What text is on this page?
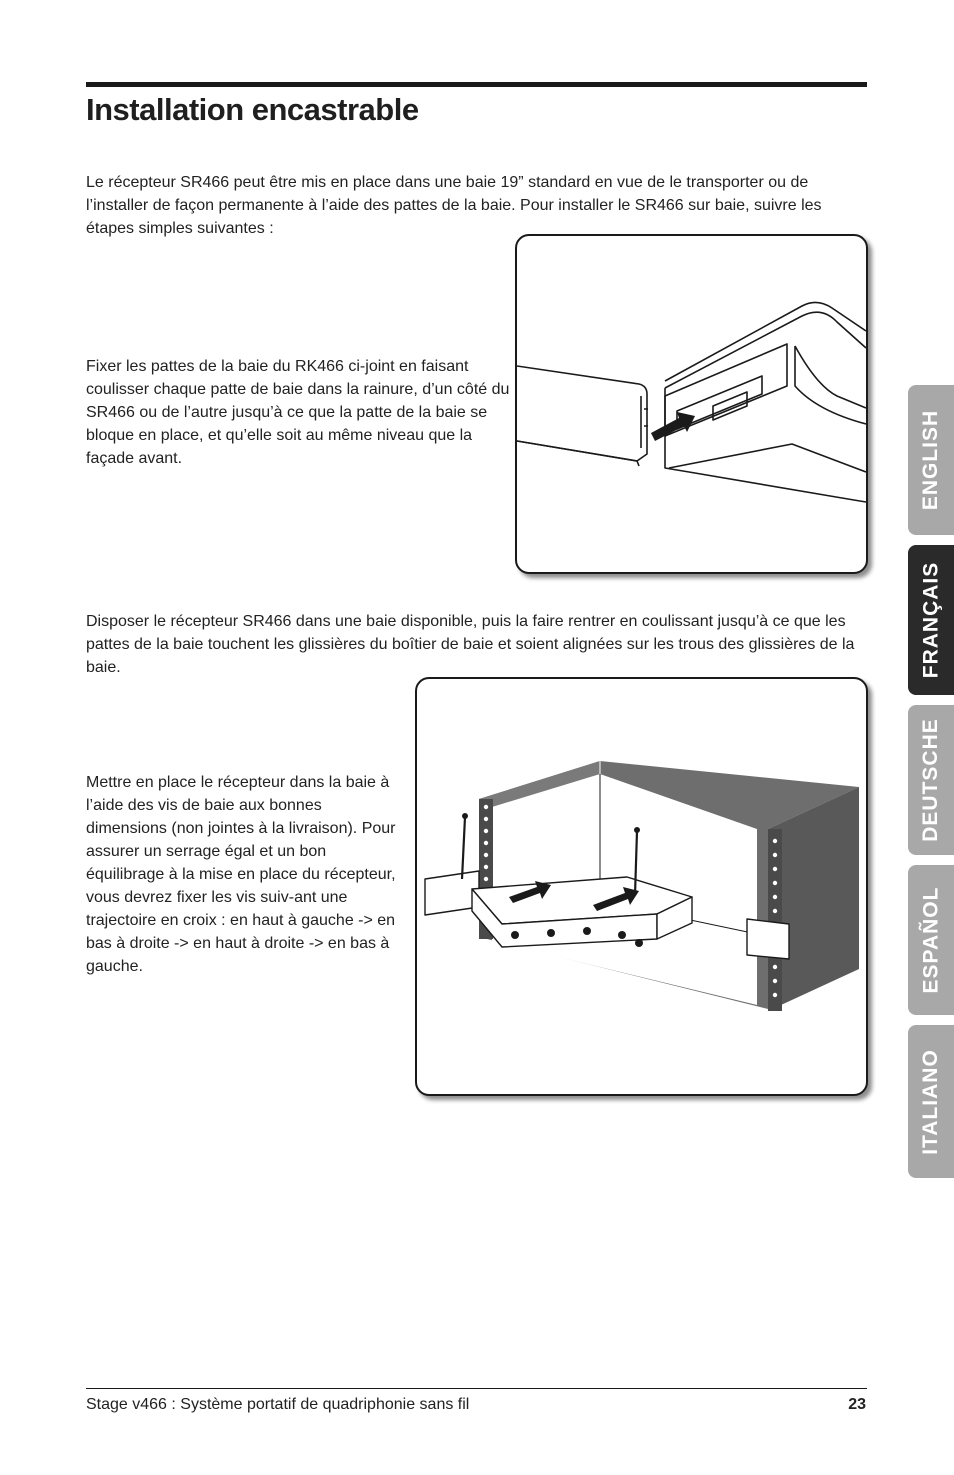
Installation encastrable

Le récepteur SR466 peut être mis en place dans une baie 19” standard en vue de le transporter ou de l’installer de façon permanente à l’aide des pattes de la baie. Pour installer le SR466 sur baie, suivre les étapes simples suivantes :

Fixer les pattes de la baie du RK466 ci-joint en faisant coulisser chaque patte de baie dans la rainure, d’un côté du SR466 ou de l’autre jusqu’à ce que la patte de la baie se bloque en place, et qu’elle soit au même niveau que la façade avant.

Disposer le récepteur SR466 dans une baie disponible, puis la faire rentrer en coulissant jusqu’à ce que les pattes de la baie touchent les glissières du boîtier de baie et soient alignées sur les trous des glissières de la baie.

Mettre en place le récepteur dans la baie à l’aide des vis de baie aux bonnes dimensions (non jointes à la livraison). Pour assurer un serrage égal et un bon équilibrage à la mise en place du récepteur, vous devrez fixer les vis suiv-ant une trajectoire en croix : en haut à gauche -> en bas à droite -> en haut à droite -> en bas à gauche.

ENGLISH
FRANÇAIS
DEUTSCHE
ESPAÑOL
ITALIANO
Stage v466 : Système portatif de quadriphonie sans fil	23
